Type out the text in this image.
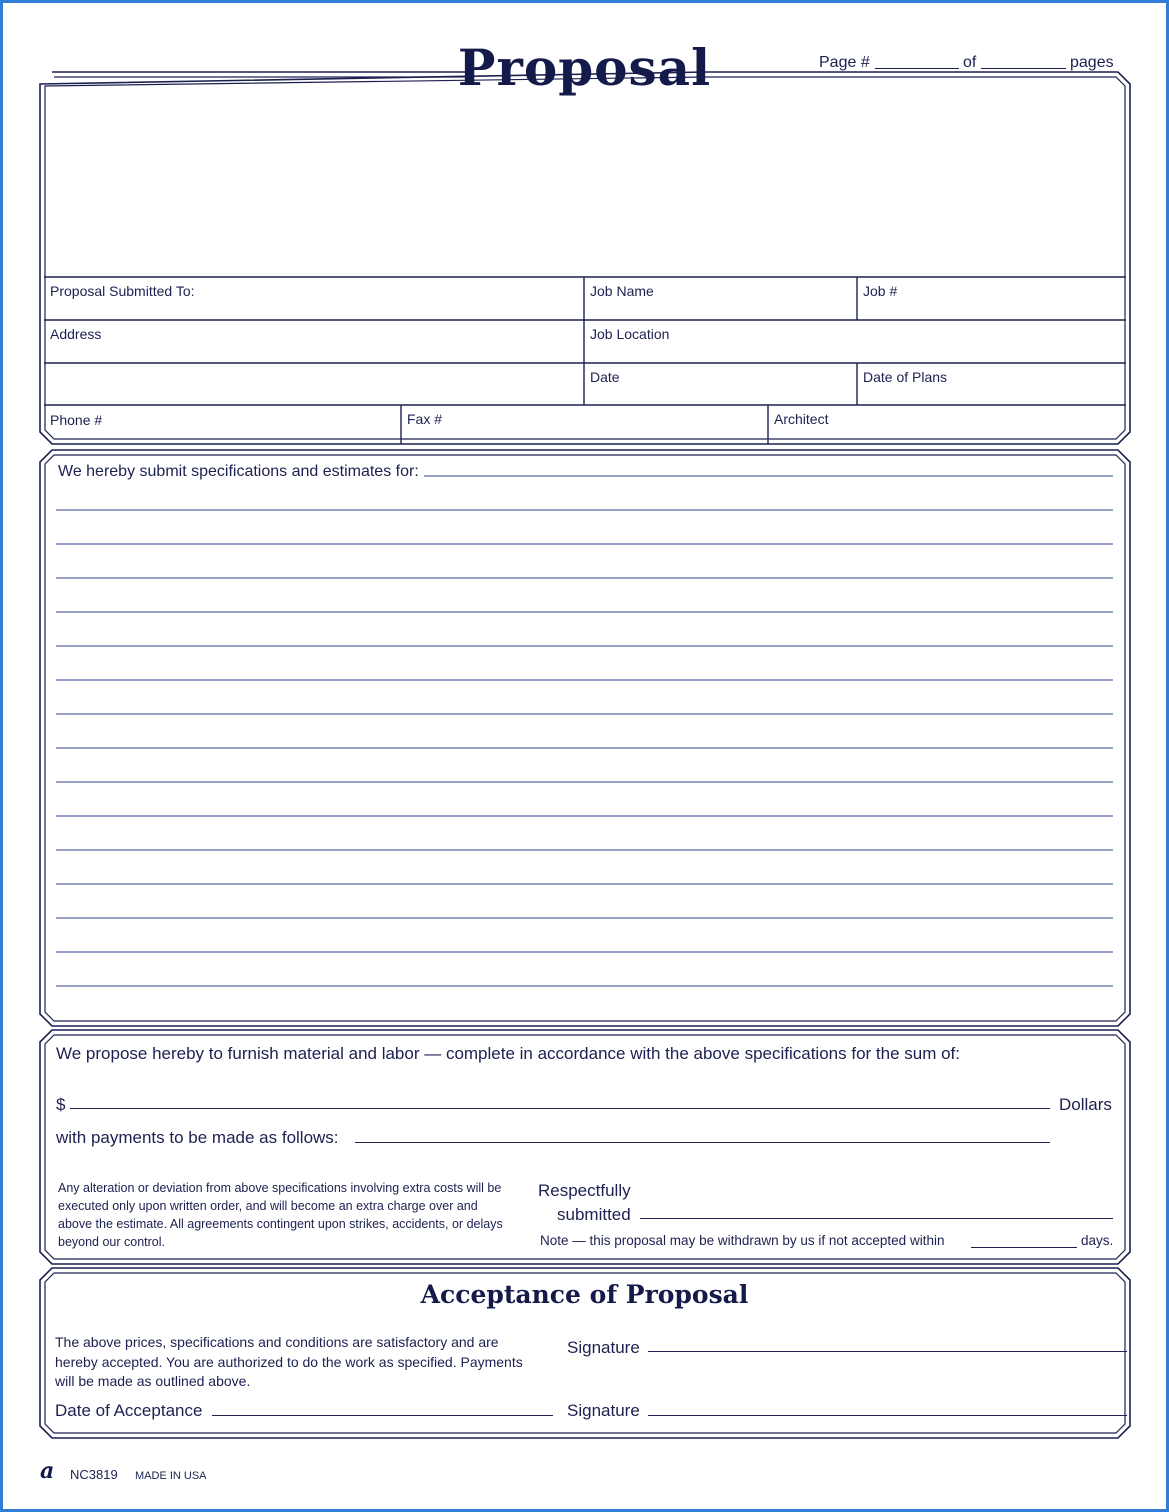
Proposal	Page #	of	pages
Proposal Submitted To:	Job Name	Job #
Address	Job Location
Date	Date of Plans
Phone #	Fax #	Architect
We hereby submit specifications and estimates for:
We propose hereby to furnish material and labor — complete in accordance with the above specifications for the sum of:
$	Dollars
with payments to be made as follows:
Any alteration or deviation from above specifications involving extra costs will be executed only upon written order, and will become an extra charge over and above the estimate. All agreements contingent upon strikes, accidents, or delays beyond our control.
Respectfully
submitted
Note — this proposal may be withdrawn by us if not accepted within	days.
Acceptance of Proposal
The above prices, specifications and conditions are satisfactory and are hereby accepted. You are authorized to do the work as specified. Payments will be made as outlined above.
Signature
Date of Acceptance	Signature
a NC3819 MADE IN USA
